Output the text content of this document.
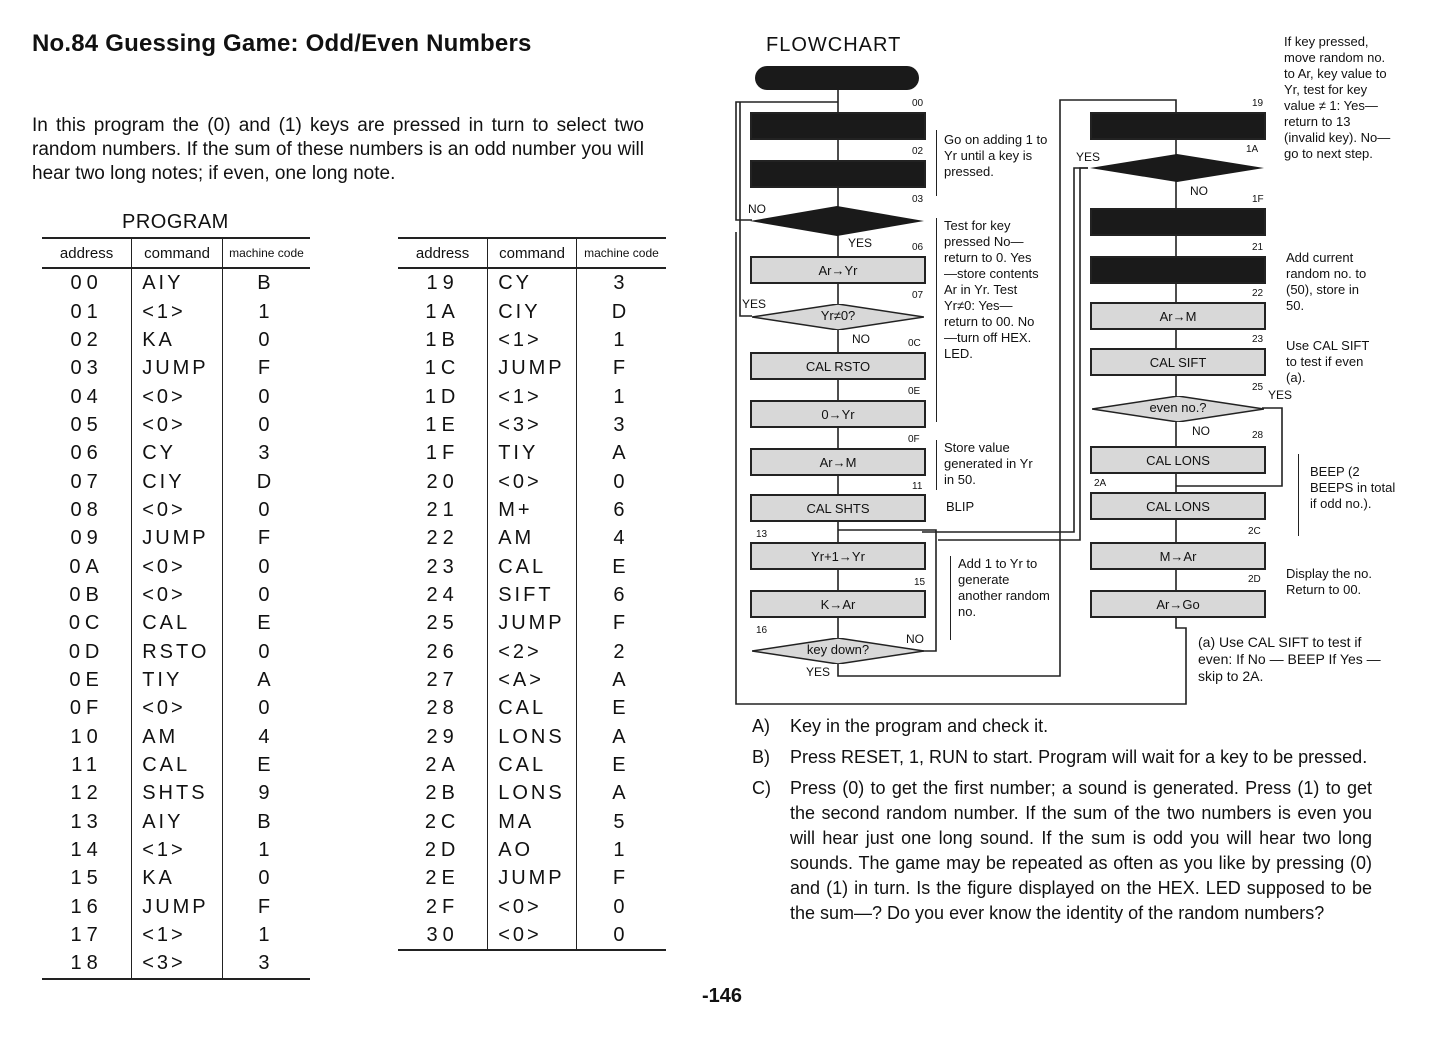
No.84 Guessing Game: Odd/Even Numbers
In this program the (0) and (1) keys are pressed in turn to select two random numbers. If the sum of these numbers is an odd number you will hear two long notes; if even, one long note.
PROGRAM
address	command	machine code
00	AIY	B
01	<1>	1
02	KA	0
03	JUMP	F
04	<0>	0
05	<0>	0
06	CY	3
07	CIY	D
08	<0>	0
09	JUMP	F
0A	<0>	0
0B	<0>	0
0C	CAL	E
0D	RSTO	0
0E	TIY	A
0F	<0>	0
10	AM	4
11	CAL	E
12	SHTS	9
13	AIY	B
14	<1>	1
15	KA	0
16	JUMP	F
17	<1>	1
18	<3>	3
address	command	machine code
19	CY	3
1A	CIY	D
1B	<1>	1
1C	JUMP	F
1D	<1>	1
1E	<3>	3
1F	TIY	A
20	<0>	0
21	M+	6
22	AM	4
23	CAL	E
24	SIFT	6
25	JUMP	F
26	<2>	2
27	<A>	A
28	CAL	E
29	LONS	A
2A	CAL	E
2B	LONS	A
2C	MA	5
2D	AO	1
2E	JUMP	F
2F	<0>	0
30	<0>	0
FLOWCHART
Ar→Yr
Yr≠0?
CAL RSTO
0→Yr
Ar→M
CAL SHTS
Yr+1→Yr
K→Ar
key down?
Ar→M
CAL SIFT
even no.?
CAL LONS
CAL LONS
M→Ar
Ar→Go
NO
YES
YES
NO
NO
YES
YES
NO
YES
NO
00
02
03
06
07
0C
0E
0F
11
13
15
16
19
1A
1F
21
22
23
25
28
2A
2C
2D
Go on adding 1 to Yr until a key is pressed.
Test for key pressed No—return to 0. Yes—store contents Ar in Yr. Test Yr≠0: Yes—return to 00. No—turn off HEX. LED.
Store value generated in Yr in 50.
BLIP
Add 1 to Yr to generate another random no.
If key pressed, move random no. to Ar, key value to Yr, test for key value ≠ 1: Yes—return to 13 (invalid key). No—go to next step.
Add current random no. to (50), store in 50.
Use CAL SIFT to test if even (a).
BEEP (2 BEEPS in total if odd no.).
Display the no. Return to 00.
(a) Use CAL SIFT to test if even: If No — BEEP If Yes — skip to 2A.
A)	Key in the program and check it.
B)	Press RESET, 1, RUN to start. Program will wait for a key to be pressed.
C)	Press (0) to get the first number; a sound is generated. Press (1) to get the second random number. If the sum of the two numbers is even you will hear just one long sound. If the sum is odd you will hear two long sounds. The game may be repeated as often as you like by pressing (0) and (1) in turn. Is the figure displayed on the HEX. LED supposed to be the sum—? Do you ever know the identity of the random numbers?
-146
